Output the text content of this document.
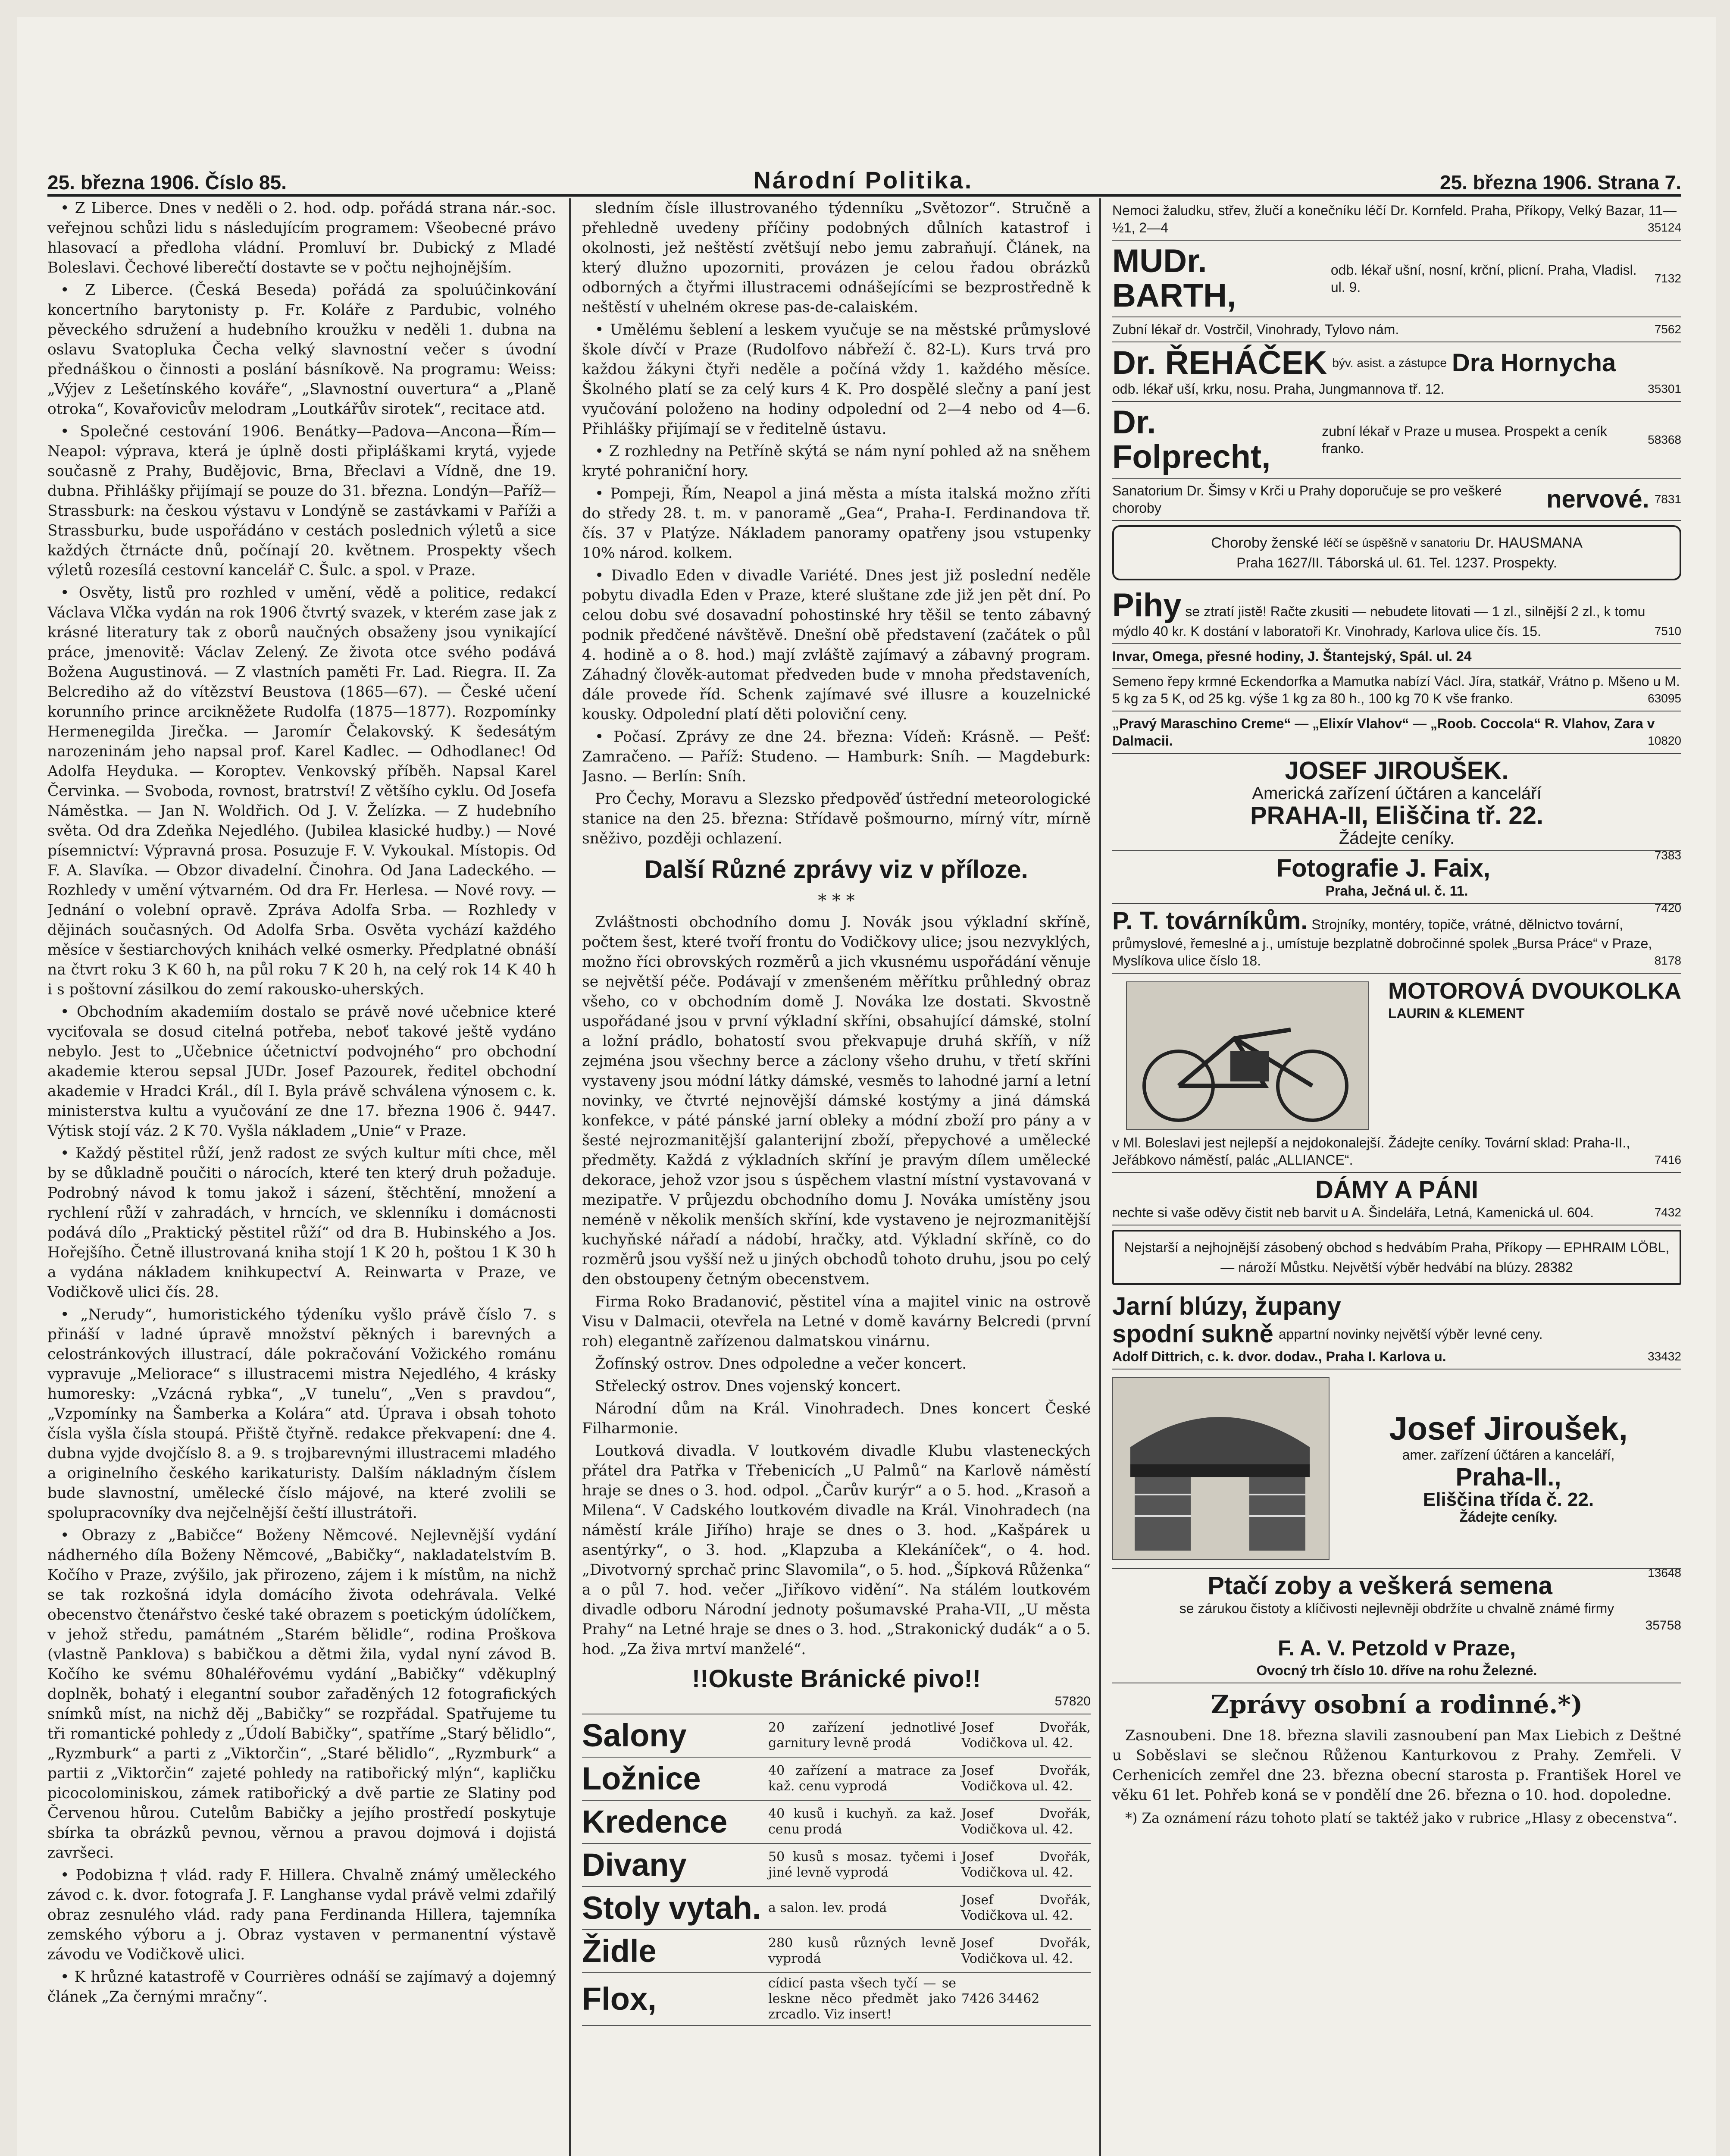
25. března 1906. Číslo 85.	Národní Politika.	25. března 1906. Strana 7.

• Z Liberce. Dnes v neděli o 2. hod. odp. pořádá strana nár.-soc. veřejnou schůzi lidu s následujícím programem: Všeobecné právo hlasovací a předloha vládní. Promluví br. Dubický z Mladé Boleslavi. Čechové liberečtí dostavte se v počtu nejhojnějším.

• Z Liberce. (Česká Beseda) pořádá za spoluúčinkování koncertního barytonisty p. Fr. Koláře z Pardubic, volného pěveckého sdružení a hudebního kroužku v neděli 1. dubna na oslavu Svatopluka Čecha velký slavnostní večer s úvodní přednáškou o činnosti a poslání básníkově. Na programu: Weiss: „Výjev z Lešetínského kováře“, „Slavnostní ouvertura“ a „Planě otroka“, Kovařovicův melodram „Loutkářův sirotek“, recitace atd.

• Společné cestování 1906. Benátky—Padova—Ancona—Řím—Neapol: výprava, která je úplně dosti připláškami krytá, vyjede současně z Prahy, Budějovic, Brna, Břeclavi a Vídně, dne 19. dubna. Přihlášky přijímají se pouze do 31. března. Londýn—Paříž—Strassburk: na českou výstavu v Londýně se zastávkami v Paříži a Strassburku, bude uspořádáno v cestách poslednich výletů a sice každých čtrnácte dnů, počínají 20. květnem. Prospekty všech výletů rozesílá cestovní kancelář C. Šulc. a spol. v Praze.

• Osvěty, listů pro rozhled v umění, vědě a politice, redakcí Václava Vlčka vydán na rok 1906 čtvrtý svazek, v kterém zase jak z krásné literatury tak z oborů naučných obsaženy jsou vynikající práce, jmenovitě: Václav Zelený. Ze života otce svého podává Božena Augustinová. — Z vlastních paměti Fr. Lad. Riegra. II. Za Belcrediho až do vítězství Beustova (1865—67). — České učení korunního prince arcikněžete Rudolfa (1875—1877). Rozpomínky Hermenegilda Jirečka. — Jaromír Čelakovský. K šedesátým narozeninám jeho napsal prof. Karel Kadlec. — Odhodlanec! Od Adolfa Heyduka. — Koroptev. Venkovský příběh. Napsal Karel Červinka. — Svoboda, rovnost, bratrství! Z většího cyklu. Od Josefa Náměstka. — Jan N. Woldřich. Od J. V. Želízka. — Z hudebního světa. Od dra Zdeňka Nejedlého. (Jubilea klasické hudby.) — Nové písemnictví: Výpravná prosa. Posuzuje F. V. Vykoukal. Místopis. Od F. A. Slavíka. — Obzor divadelní. Činohra. Od Jana Ladeckého. — Rozhledy v umění výtvarném. Od dra Fr. Herlesa. — Nové rovy. — Jednání o volební opravě. Zpráva Adolfa Srba. — Rozhledy v dějinách současných. Od Adolfa Srba. Osvěta vychází každého měsíce v šestiarchových knihách velké osmerky. Předplatné obnáší na čtvrt roku 3 K 60 h, na půl roku 7 K 20 h, na celý rok 14 K 40 h i s poštovní zásilkou do zemí rakousko-uherských.

• Obchodním akademiím dostalo se právě nové učebnice které vyciťovala se dosud citelná potřeba, neboť takové ještě vydáno nebylo. Jest to „Učebnice účetnictví podvojného“ pro obchodní akademie kterou sepsal JUDr. Josef Pazourek, ředitel obchodní akademie v Hradci Král., díl I. Byla právě schválena výnosem c. k. ministerstva kultu a vyučování ze dne 17. března 1906 č. 9447. Výtisk stojí váz. 2 K 70. Vyšla nákladem „Unie“ v Praze.

• Každý pěstitel růží, jenž radost ze svých kultur míti chce, měl by se důkladně poučiti o nárocích, které ten který druh požaduje. Podrobný návod k tomu jakož i sázení, štěchtění, množení a rychlení růží v zahradách, v hrncích, ve sklenníku i domácnosti podává dílo „Praktický pěstitel růží“ od dra B. Hubinského a Jos. Hořejšího. Četně illustrovaná kniha stojí 1 K 20 h, poštou 1 K 30 h a vydána nákladem knihkupectví A. Reinwarta v Praze, ve Vodičkově ulici čís. 28.

• „Nerudy“, humoristického týdeníku vyšlo právě číslo 7. s přináší v ladné úpravě množství pěkných i barevných a celostránkových illustrací, dále pokračování Vožického románu vypravuje „Meliorace“ s illustracemi mistra Nejedlého, 4 krásky humoresky: „Vzácná rybka“, „V tunelu“, „Ven s pravdou“, „Vzpomínky na Šamberka a Kolára“ atd. Úprava i obsah tohoto čísla vyšla čísla stoupá. Přiště čtyřně. redakce překvapení: dne 4. dubna vyjde dvojčíslo 8. a 9. s trojbarevnými illustracemi mladého a originelního českého karikaturisty. Dalším nákladným číslem bude slavnostní, umělecké číslo májové, na které zvolili se spolupracovníky dva nejčelnější čeští illustrátoři.

• Obrazy z „Babičce“ Boženy Němcové. Nejlevnější vydání nádherného díla Boženy Němcové, „Babičky“, nakladatelstvím B. Kočího v Praze, zvýšilo, jak přirozeno, zájem i k místům, na nichž se tak rozkošná idyla domácího života odehrávala. Velké obecenstvo čtenářstvo české také obrazem s poetickým údolíčkem, v jehož středu, památném „Starém bělidle“, rodina Proškova (vlastně Panklova) s babičkou a dětmi žila, vydal nyní závod B. Kočího ke svému 80haléřovému vydání „Babičky“ vděkuplný doplněk, bohatý i elegantní soubor zařaděných 12 fotografických snímků míst, na nichž děj „Babičky“ se rozpřádal. Spatřujeme tu tři romantické pohledy z „Údolí Babičky“, spatříme „Starý bělidlo“, „Ryzmburk“ a parti z „Viktorčin“, „Staré bělidlo“, „Ryzmburk“ a partii z „Viktorčin“ zajeté pohledy na ratibořický mlýn“, kapličku picocolominiskou, zámek ratibořický a dvě partie ze Slatiny pod Červenou hůrou. Cutelům Babičky a jejího prostředí poskytuje sbírka ta obrázků pevnou, věrnou a pravou dojmová i dojistá završeci.

• Podobizna † vlád. rady F. Hillera. Chvalně známý uměleckého závod c. k. dvor. fotografa J. F. Langhanse vydal právě velmi zdařilý obraz zesnulého vlád. rady pana Ferdinanda Hillera, tajemníka zemského výboru a j. Obraz vystaven v permanentní výstavě závodu ve Vodičkově ulici.

• K hrůzné katastrofě v Courrières odnáší se zajímavý a dojemný článek „Za černými mračny“.

sledním čísle illustrovaného týdenníku „Světozor“. Stručně a přehledně uvedeny příčiny podobných důlních katastrof i okolnosti, jež neštěstí zvětšují nebo jemu zabraňují. Článek, na který dlužno upozorniti, provázen je celou řadou obrázků odborných a čtyřmi illustracemi odnášejícími se bezprostředně k neštěstí v uhelném okrese pas-de-calaiském.

• Umělému šeblení a leskem vyučuje se na městské průmyslové škole dívčí v Praze (Rudolfovo nábřeží č. 82-L). Kurs trvá pro každou žákyni čtyři neděle a počíná vždy 1. každého měsíce. Školného platí se za celý kurs 4 K. Pro dospělé slečny a paní jest vyučování položeno na hodiny odpolední od 2—4 nebo od 4—6. Přihlášky přijímají se v ředitelně ústavu.

• Z rozhledny na Petříně skýtá se nám nyní pohled až na sněhem kryté pohraniční hory.

• Pompeji, Řím, Neapol a jiná města a místa italská možno zříti do středy 28. t. m. v panoramě „Gea“, Praha-I. Ferdinandova tř. čís. 37 v Platýze. Nákladem panoramy opatřeny jsou vstupenky 10% národ. kolkem.

• Divadlo Eden v divadle Variété. Dnes jest již poslední neděle pobytu divadla Eden v Praze, které sluštane zde již jen pět dní. Po celou dobu své dosavadní pohostinské hry těšil se tento zábavný podnik předčené návštěvě. Dnešní obě představení (začátek o půl 4. hodině a o 8. hod.) mají zvláště zajímavý a zábavný program. Záhadný člověk-automat předveden bude v mnoha představeních, dále provede říd. Schenk zajímavé své illusre a kouzelnické kousky. Odpolední platí děti poloviční ceny.

• Počasí. Zprávy ze dne 24. března: Vídeň: Krásně. — Pešť: Zamračeno. — Paříž: Studeno. — Hamburk: Sníh. — Magdeburk: Jasno. — Berlín: Sníh.

Pro Čechy, Moravu a Slezsko předpověď ústřední meteorologické stanice na den 25. března: Střídavě pošmourno, mírný vítr, mírně sněživo, později ochlazení.

Další Různé zprávy viz v příloze.
* * *

Zvláštnosti obchodního domu J. Novák jsou výkladní skříně, počtem šest, které tvoří frontu do Vodičkovy ulice; jsou nezvyklých, možno říci obrovských rozměrů a jich vkusnému uspořádání věnuje se největší péče. Podávají v zmenšeném měřítku průhledný obraz všeho, co v obchodním domě J. Nováka lze dostati. Skvostně uspořádané jsou v první výkladní skříni, obsahující dámské, stolní a ložní prádlo, bohatostí svou překvapuje druhá skříň, v níž zejména jsou všechny berce a záclony všeho druhu, v třetí skříni vystaveny jsou módní látky dámské, vesměs to lahodné jarní a letní novinky, ve čtvrté nejnovější dámské kostýmy a jiná dámská konfekce, v páté pánské jarní obleky a módní zboží pro pány a v šesté nejrozmanitější galanterijní zboží, přepychové a umělecké předměty. Každá z výkladních skříní je pravým dílem umělecké dekorace, jehož vzor jsou s úspěchem vlastní místní vystavovaná v mezipatře. V průjezdu obchodního domu J. Nováka umístěny jsou neméně v několik menších skříní, kde vystaveno je nejrozmanitější kuchyňské nářadí a nádobí, hračky, atd. Výkladní skříně, co do rozměrů jsou vyšší než u jiných obchodů tohoto druhu, jsou po celý den obstoupeny četným obecenstvem.

Firma Roko Bradanović, pěstitel vína a majitel vinic na ostrově Visu v Dalmacii, otevřela na Letné v domě kavárny Belcredi (první roh) elegantně zařízenou dalmatskou vinárnu.

Žofínský ostrov. Dnes odpoledne a večer koncert.

Střelecký ostrov. Dnes vojenský koncert.

Národní dům na Král. Vinohradech. Dnes koncert České Filharmonie.

Loutková divadla. V loutkovém divadle Klubu vlasteneckých přátel dra Patřka v Třebenicích „U Palmů“ na Karlově náměstí hraje se dnes o 3. hod. odpol. „Čarův kurýr“ a o 5. hod. „Krasoň a Milena“. V Cadského loutkovém divadle na Král. Vinohradech (na náměstí krále Jiřího) hraje se dnes o 3. hod. „Kašpárek u asentýrky“, o 3. hod. „Klapzuba a Klekáníček“, o 4. hod. „Divotvorný sprchač princ Slavomila“, o 5. hod. „Šípková Růženka“ a o půl 7. hod. večer „Jiříkovo vidění“. Na stálém loutkovém divadle odboru Národní jednoty pošumavské Praha-VII, „U města Prahy“ na Letné hraje se dnes o 3. hod. „Strakonický dudák“ a o 5. hod. „Za živa mrtví manželé“.

!!Okuste Bránické pivo!!
57820
Salony	20 zařízení jednotlivé garnitury levně prodá
Josef Dvořák, Vodičkova ul. 42.
Ložnice	40 zařízení a matrace za kaž. cenu vyprodá
Josef Dvořák, Vodičkova ul. 42.
Kredence	40 kusů i kuchyň. za kaž. cenu prodá
Josef Dvořák, Vodičkova ul. 42.
Divany	50 kusů s mosaz. tyčemi i jiné levně vyprodá
Josef Dvořák, Vodičkova ul. 42.
Stoly vytah. a salon. lev. prodá
Josef Dvořák, Vodičkova ul. 42.
Židle	280 kusů různých levně vyprodá
Josef Dvořák, Vodičkova ul. 42.
Flox,	cídicí pasta všech tyčí — se leskne něco předmět jako zrcadlo. Viz insert!
7426 34462
Nemoci žaludku, střev, žlučí a konečníku léčí Dr. Kornfeld. Praha, Příkopy, Velký Bazar, 11—½1, 2—4	35124
MUDr. BARTH,
odb. lékař ušní, nosní, krční, plicní. Praha, Vladisl. ul. 9.
7132
Zubní lékař dr. Vostrčil, Vinohrady, Tylovo nám.	7562
Dr. ŘEHÁČEK býv. asist. a zástupce Dra Hornycha
odb. lékař uší, krku, nosu. Praha, Jungmannova tř. 12.	35301
Dr. Folprecht,
zubní lékař v Praze u musea. Prospekt a ceník franko.
58368
Sanatorium Dr. Šimsy v Krči u Prahy doporučuje se pro veškeré choroby	nervové. 7831
Choroby ženské léčí se úspěšně v sanatoriu Dr. HAUSMANA
Praha 1627/II. Táborská ul. 61. Tel. 1237. Prospekty.
Pihy se ztratí jistě! Račte zkusiti — nebudete litovati — 1 zl., silnější 2 zl., k tomu mýdlo 40 kr. K dostání v laboratoři Kr. Vinohrady, Karlova ulice čís. 15.	7510
Invar, Omega, přesné hodiny, J. Štantejský, Spál. ul. 24
Semeno řepy krmné Eckendorfka a Mamutka nabízí Václ. Jíra, statkář, Vrátno p. Mšeno u M. 5 kg za 5 K, od 25 kg. výše 1 kg za 80 h., 100 kg 70 K vše franko.	63095
„Pravý Maraschino Creme“ — „Elixír Vlahov“ — „Roob. Coccola“ R. Vlahov, Zara v Dalmacii.	10820
JOSEF JIROUŠEK.
Americká zařízení účtáren a kanceláří
PRAHA-II, Eliščina tř. 22.
Žádejte ceníky.
7383
Fotografie J. Faix,
Praha, Ječná ul. č. 11.
7420
P. T. továrníkům. Strojníky, montéry, topiče, vrátné, dělnictvo tovární, průmyslové, řemeslné a j., umístuje bezplatně dobročinné spolek „Bursa Práce“ v Praze, Myslíkova ulice číslo 18.	8178
MOTOROVÁ DVOUKOLKA
LAURIN & KLEMENT
v Ml. Boleslavi jest nejlepší a nejdokonalejší. Žádejte ceníky. Tovární sklad: Praha-II., Jeřábkovo náměstí, palác „ALLIANCE“.	7416
DÁMY A PÁNI
nechte si vaše oděvy čistit neb barvit u A. Šindelářa, Letná, Kamenická ul. 604.	7432
Nejstarší a nejhojnější zásobený obchod s hedvábím Praha, Příkopy — EPHRAIM LÖBL, — nároží Můstku. Největší výběr hedvábí na blúzy. 28382
Jarní blúzy, župany
spodní sukně appartní novinky největší výběr levné ceny.
Adolf Dittrich, c. k. dvor. dodav., Praha I. Karlova u.	33432
Josef Jiroušek,
amer. zařízení účtáren a kanceláří,
Praha-II.,
Eliščina třída č. 22.
Žádejte ceníky.
13648
Ptačí zoby a veškerá semena
se zárukou čistoty a klíčivosti nejlevněji obdržíte u chvalně známé firmy
35758
F. A. V. Petzold v Praze,
Ovocný trh číslo 10. dříve na rohu Železné.
Zprávy osobní a rodinné.*)

Zasnoubeni. Dne 18. března slavili zasnoubení pan Max Liebich z Deštné u Soběslavi se slečnou Růženou Kanturkovou z Prahy. Zemřeli. V Cerhenicích zemřel dne 23. března obecní starosta p. František Horel ve věku 61 let. Pohřeb koná se v pondělí dne 26. března o 10. hod. dopoledne.

*) Za oznámení rázu tohoto platí se taktéž jako v rubrice „Hlasy z obecenstva“.
